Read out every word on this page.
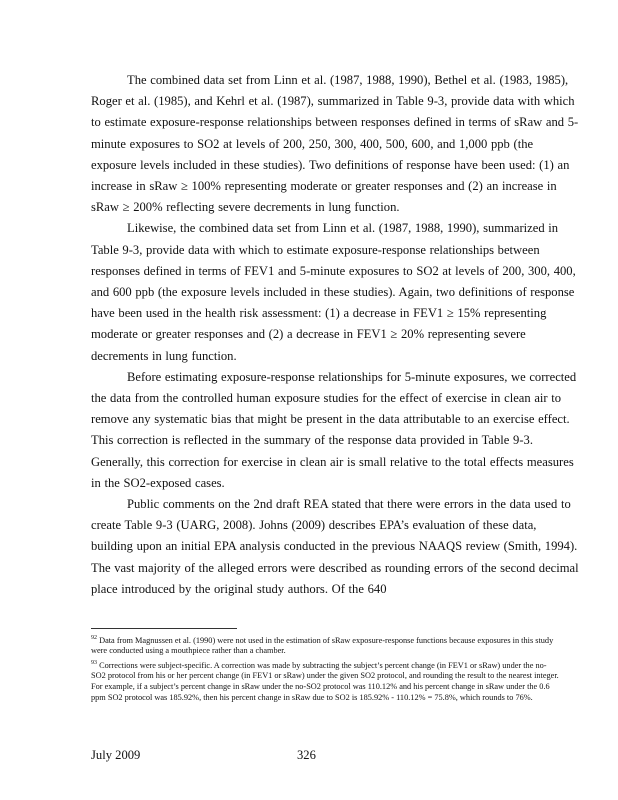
The combined data set from Linn et al. (1987, 1988, 1990), Bethel et al. (1983, 1985), Roger et al. (1985), and Kehrl et al. (1987), summarized in Table 9-3, provide data with which to estimate exposure-response relationships between responses defined in terms of sRaw and 5-minute exposures to SO2 at levels of 200, 250, 300, 400, 500, 600, and 1,000 ppb (the exposure levels included in these studies). Two definitions of response have been used: (1) an increase in sRaw ≥ 100% representing moderate or greater responses and (2) an increase in sRaw ≥ 200% reflecting severe decrements in lung function.

Likewise, the combined data set from Linn et al. (1987, 1988, 1990), summarized in Table 9-3, provide data with which to estimate exposure-response relationships between responses defined in terms of FEV1 and 5-minute exposures to SO2 at levels of 200, 300, 400, and 600 ppb (the exposure levels included in these studies). Again, two definitions of response have been used in the health risk assessment: (1) a decrease in FEV1 ≥ 15% representing moderate or greater responses and (2) a decrease in FEV1 ≥ 20% representing severe decrements in lung function.

Before estimating exposure-response relationships for 5-minute exposures, we corrected the data from the controlled human exposure studies for the effect of exercise in clean air to remove any systematic bias that might be present in the data attributable to an exercise effect. This correction is reflected in the summary of the response data provided in Table 9-3. Generally, this correction for exercise in clean air is small relative to the total effects measures in the SO2-exposed cases.

Public comments on the 2nd draft REA stated that there were errors in the data used to create Table 9-3 (UARG, 2008). Johns (2009) describes EPA’s evaluation of these data, building upon an initial EPA analysis conducted in the previous NAAQS review (Smith, 1994). The vast majority of the alleged errors were described as rounding errors of the second decimal place introduced by the original study authors. Of the 640

$^{92}$ Data from Magnussen et al. (1990) were not used in the estimation of sRaw exposure-response functions because exposures in this study were conducted using a mouthpiece rather than a chamber.

$^{93}$ Corrections were subject-specific. A correction was made by subtracting the subject’s percent change (in FEV1 or sRaw) under the no-SO2 protocol from his or her percent change (in FEV1 or sRaw) under the given SO2 protocol, and rounding the result to the nearest integer. For example, if a subject’s percent change in sRaw under the no-SO2 protocol was 110.12% and his percent change in sRaw under the 0.6 ppm SO2 protocol was 185.92%, then his percent change in sRaw due to SO2 is 185.92% - 110.12% = 75.8%, which rounds to 76%.

July 2009	326
